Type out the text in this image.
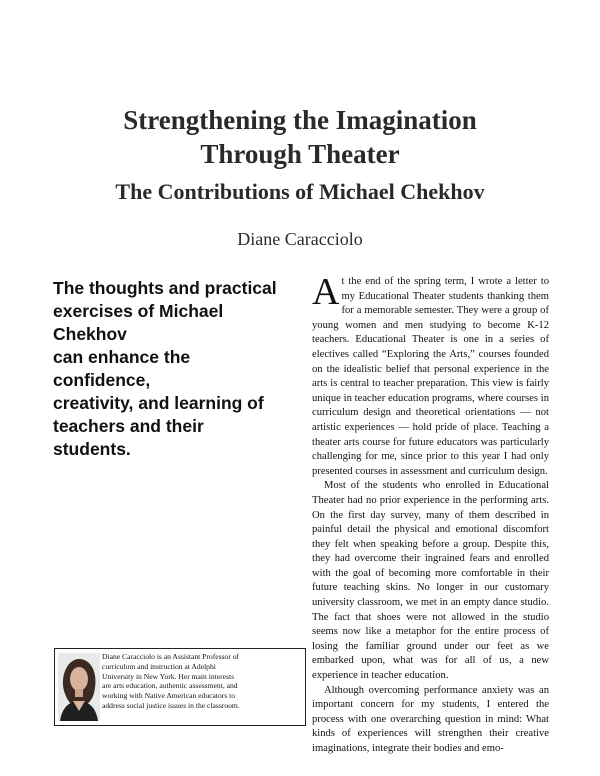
Strengthening the Imagination
Through Theater
The Contributions of Michael Chekhov
Diane Caracciolo
The thoughts and practical
exercises of Michael Chekhov
can enhance the confidence,
creativity, and learning of
teachers and their students.
Diane Caracciolo is an Assistant Professor of
curriculum and instruction at Adelphi
University in New York. Her main interests
are arts education, authentic assessment, and
working with Native American educators to
address social justice issues in the classroom.

At the end of the spring term, I wrote a letter to my Educational Theater students thanking them for a memorable semester. They were a group of young women and men studying to become K-12 teachers. Educational Theater is one in a series of electives called “Exploring the Arts,” courses founded on the idealistic belief that personal experience in the arts is central to teacher preparation. This view is fairly unique in teacher education programs, where courses in curriculum design and theoretical orientations — not artistic experiences — hold pride of place. Teaching a theater arts course for future educators was particularly challenging for me, since prior to this year I had only presented courses in assessment and curriculum design.

Most of the students who enrolled in Educational Theater had no prior experience in the performing arts. On the first day survey, many of them described in painful detail the physical and emotional discomfort they felt when speaking before a group. Despite this, they had overcome their ingrained fears and enrolled with the goal of becoming more comfortable in their future teaching skins. No longer in our customary university classroom, we met in an empty dance studio. The fact that shoes were not allowed in the studio seems now like a metaphor for the entire process of losing the familiar ground under our feet as we embarked upon, what was for all of us, a new experience in teacher education.

Although overcoming performance anxiety was an important concern for my students, I entered the process with one overarching question in mind: What kinds of experiences will strengthen their creative imaginations, integrate their bodies and emo-
